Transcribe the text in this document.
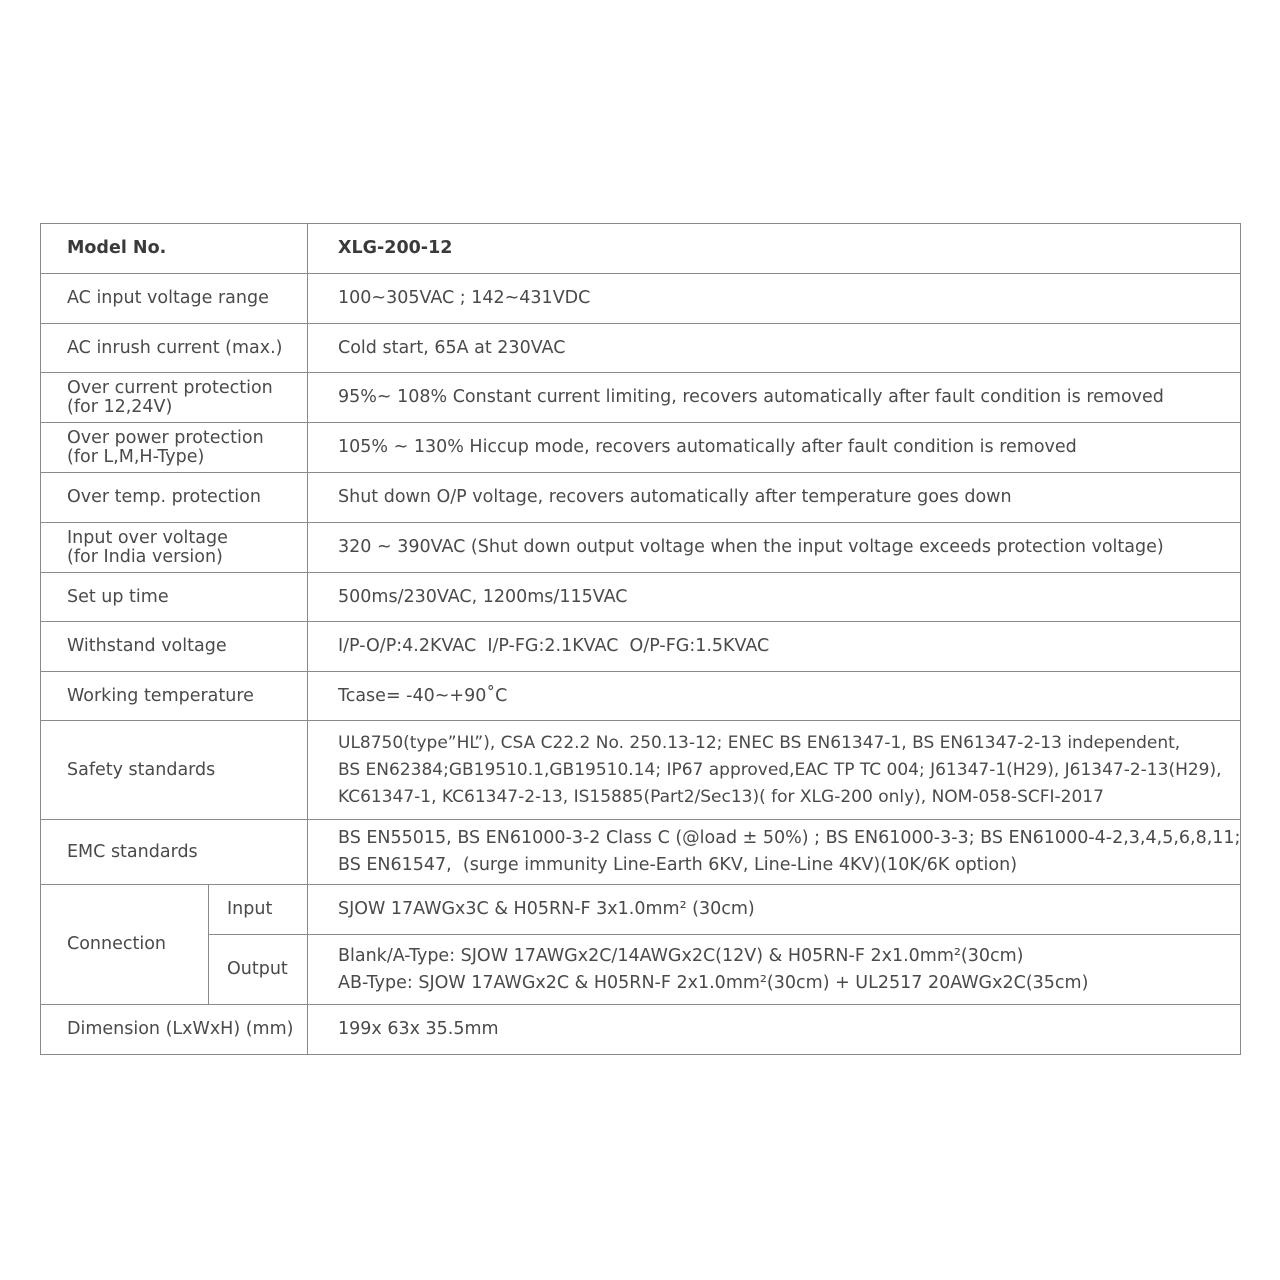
Model No.		XLG-200-12
AC input voltage range		100~305VAC ; 142~431VDC
AC inrush current (max.)		Cold start, 65A at 230VAC

Over current protection
(for 12,24V)		95%~ 108% Constant current limiting, recovers automatically after fault condition is removed

Over power protection
(for L,M,H-Type)		105% ~ 130% Hiccup mode, recovers automatically after fault condition is removed
Over temp. protection		Shut down O/P voltage, recovers automatically after temperature goes down

Input over voltage
(for India version)		320 ~ 390VAC (Shut down output voltage when the input voltage exceeds protection voltage)
Set up time		500ms/230VAC, 1200ms/115VAC
Withstand voltage		I/P-O/P:4.2KVAC  I/P-FG:2.1KVAC  O/P-FG:1.5KVAC
Working temperature		Tcase= -40~+90˚C
Safety standards		UL8750(type”HL”), CSA C22.2 No. 250.13-12; ENEC BS EN61347-1, BS EN61347-2-13 independent,
BS EN62384;GB19510.1,GB19510.14; IP67 approved,EAC TP TC 004; J61347-1(H29), J61347-2-13(H29),
KC61347-1, KC61347-2-13, IS15885(Part2/Sec13)( for XLG-200 only), NOM-058-SCFI-2017

EMC standards		BS EN55015, BS EN61000-3-2 Class C (@load ± 50%) ; BS EN61000-3-3; BS EN61000-4-2,3,4,5,6,8,11;
BS EN61547,  (surge immunity Line-Earth 6KV, Line-Line 4KV)(10K/6K option)

Connection	Input	SJOW 17AWGx3C & H05RN-F 3x1.0mm² (30cm)
	Output	Blank/A-Type: SJOW 17AWGx2C/14AWGx2C(12V) & H05RN-F 2x1.0mm²(30cm)
AB-Type: SJOW 17AWGx2C & H05RN-F 2x1.0mm²(30cm) + UL2517 20AWGx2C(35cm)

Dimension (LxWxH) (mm)		199x 63x 35.5mm
